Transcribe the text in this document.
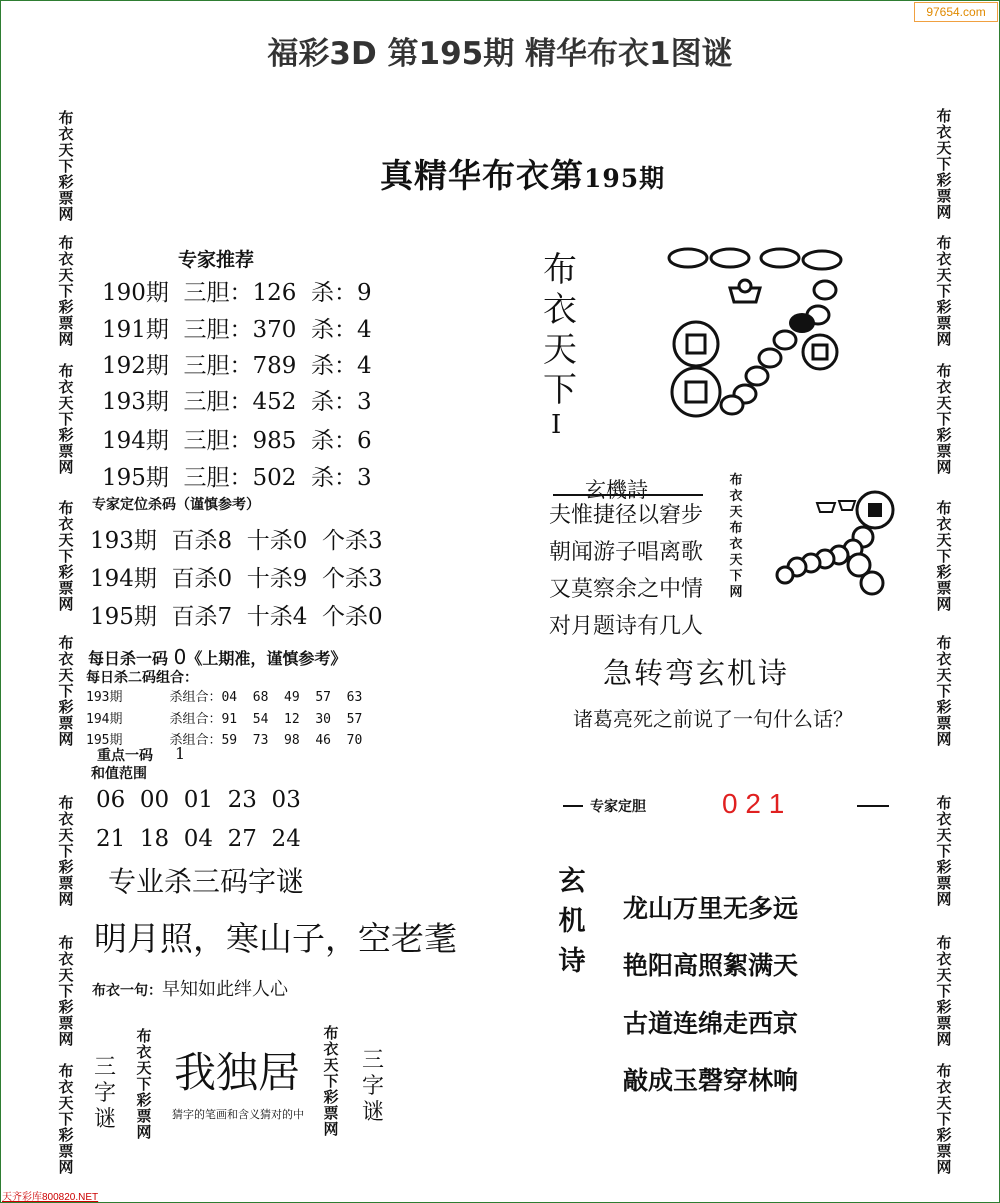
97654.com
福彩3D 第195期 精华布衣1图谜
布衣天下彩票网
布衣天下彩票网
布衣天下彩票网
布衣天下彩票网
布衣天下彩票网
布衣天下彩票网
布衣天下彩票网
布衣天下彩票网
布衣天下彩票网
布衣天下彩票网
布衣天下彩票网
布衣天下彩票网
布衣天下彩票网
布衣天下彩票网
布衣天下彩票网
布衣天下彩票网
真精华布衣第195期
专家推荐
190期  三胆：126  杀：9
191期  三胆：370  杀：4
192期  三胆：789  杀：4
193期  三胆：452  杀：3
194期  三胆：985  杀：6
195期  三胆：502  杀：3
专家定位杀码（谨慎参考）
193期  百杀8  十杀0  个杀3
194期  百杀0  十杀9  个杀3
195期  百杀7  十杀4  个杀0
每日杀一码 0《上期准，谨慎参考》
每日杀二码组合：
193期      杀组合：04  68  49  57  63
194期      杀组合：91  54  12  30  57
195期      杀组合：59  73  98  46  70
重点一码 1
和值范围
06  00  01  23  03
21  18  04  27  24
专业杀三码字谜
明月照，寒山子，空老耄
布衣一句：早知如此绊人心
三字谜
布衣天下彩票网
我独居
猜字的笔画和含义猜对的中
布衣天下彩票网
三字谜
布衣天下
I
玄機詩
夫惟捷径以窘步
朝闻游子唱离歌
又莫察余之中情
对月题诗有几人
布衣天布衣天下网
急转弯玄机诗
诸葛亮死之前说了一句什么话？
专家定胆	0 2 1
玄机诗
龙山万里无多远
艳阳高照絮满天
古道连绵走西京
敲成玉磬穿林响
天齐彩库800820.NET
